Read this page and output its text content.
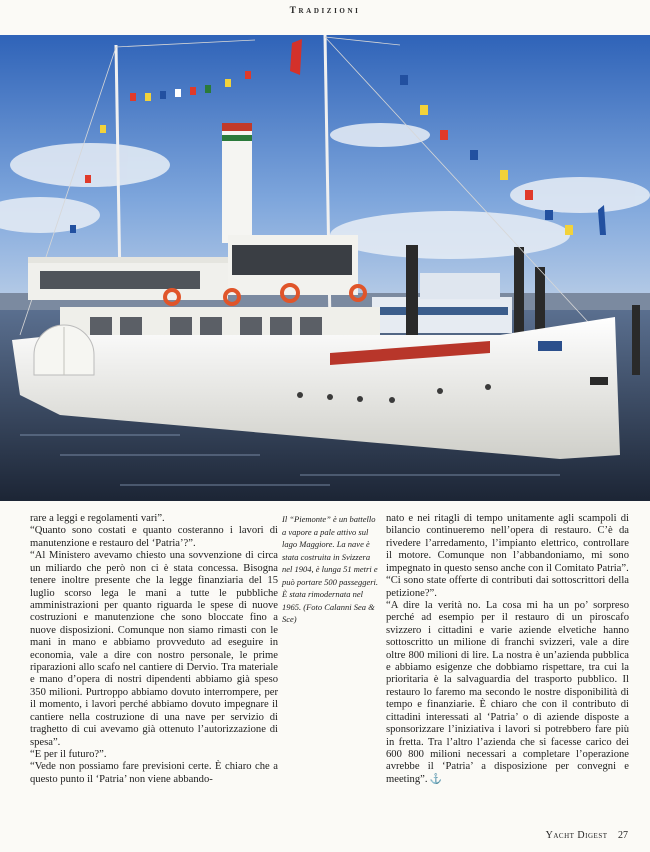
Tradizioni

rare a leggi e regolamenti vari”.

“Quanto sono costati e quanto costeranno i lavori di manutenzione e restauro del ‘Patria’?”.

“Al Ministero avevamo chiesto una sovvenzione di circa un miliardo che però non ci è stata concessa. Bisogna tenere inoltre presente che la legge finanziaria del 15 luglio scorso lega le mani a tutte le pubbliche amministrazioni per quanto riguarda le spese di nuove costruzioni e manutenzione che sono bloccate fino a nuove disposizioni. Comunque non siamo rimasti con le mani in mano e abbiamo provveduto ad eseguire in economia, vale a dire con nostro personale, le prime riparazioni allo scafo nel cantiere di Dervio. Tra materiale e mano d’opera di nostri dipendenti abbiamo già speso 350 milioni. Purtroppo abbiamo dovuto interrompere, per il momento, i lavori perché abbiamo dovuto impegnare il cantiere nella costruzione di una nave per servizio di traghetto di cui avevamo già ottenuto l’autorizzazione di spesa”.

“E per il futuro?”.

“Vede non possiamo fare previsioni certe. È chiaro che a questo punto il ‘Patria’ non viene abbando-

Il “Piemonte” è un battello a vapore a pale attivo sul lago Maggiore. La nave è stata costruita in Svizzera nel 1904, è lunga 51 metri e può portare 500 passeggeri. È stata rimodernata nel 1965. (Foto Calanni Sea & Sce)

nato e nei ritagli di tempo unitamente agli scampoli di bilancio continueremo nell’opera di restauro. C’è da rivedere l’arredamento, l’impianto elettrico, controllare il motore. Comunque non l’abbandoniamo, mi sono impegnato in questo senso anche con il Comitato Patria”.

“Ci sono state offerte di contributi dai sottoscrittori della petizione?”.

“A dire la verità no. La cosa mi ha un po’ sorpreso perché ad esempio per il restauro di un piroscafo svizzero i cittadini e varie aziende elvetiche hanno sottoscritto un milione di franchi svizzeri, vale a dire oltre 800 milioni di lire. La nostra è un’azienda pubblica e abbiamo esigenze che dobbiamo rispettare, tra cui la prioritaria è la salvaguardia del trasporto pubblico. Il restauro lo faremo ma secondo le nostre disponibilità di tempo e finanziarie. È chiaro che con il contributo di cittadini interessati al ‘Patria’ o di aziende disposte a sponsorizzare l’iniziativa i lavori si potrebbero fare più in fretta. Tra l’altro l’azienda che si facesse carico dei 600 800 milioni necessari a completare l’operazione avrebbe il ‘Patria’ a disposizione per convegni e meeting”. ⚓

Yacht Digest 27
